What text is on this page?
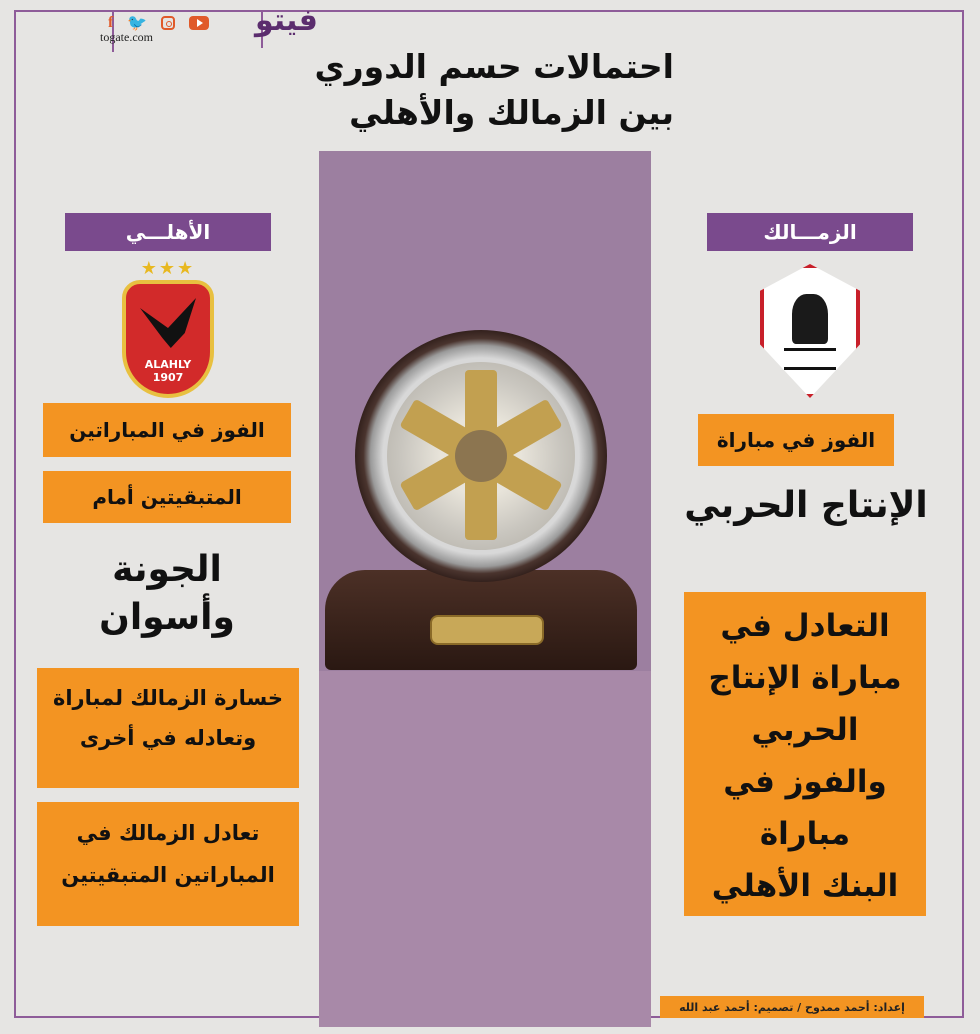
f 🐦
togate.com	فيتو
احتمالات حسم الدوري
بين الزمالك والأهلي
الزمـــالك
الفوز في مباراة
الإنتاج الحربي
التعادل في
مباراة الإنتاج
الحربي
والفوز في
مباراة
البنك الأهلي
الأهلـــي
★★★
ALAHLY
1907
الفوز في المباراتين
المتبقيتين أمام
الجونة
وأسوان
خسارة الزمالك لمباراة
وتعادله في أخرى
تعادل الزمالك في
المباراتين المتبقيتين
إعداد: أحمد ممدوح / تصميم: أحمد عبد الله
